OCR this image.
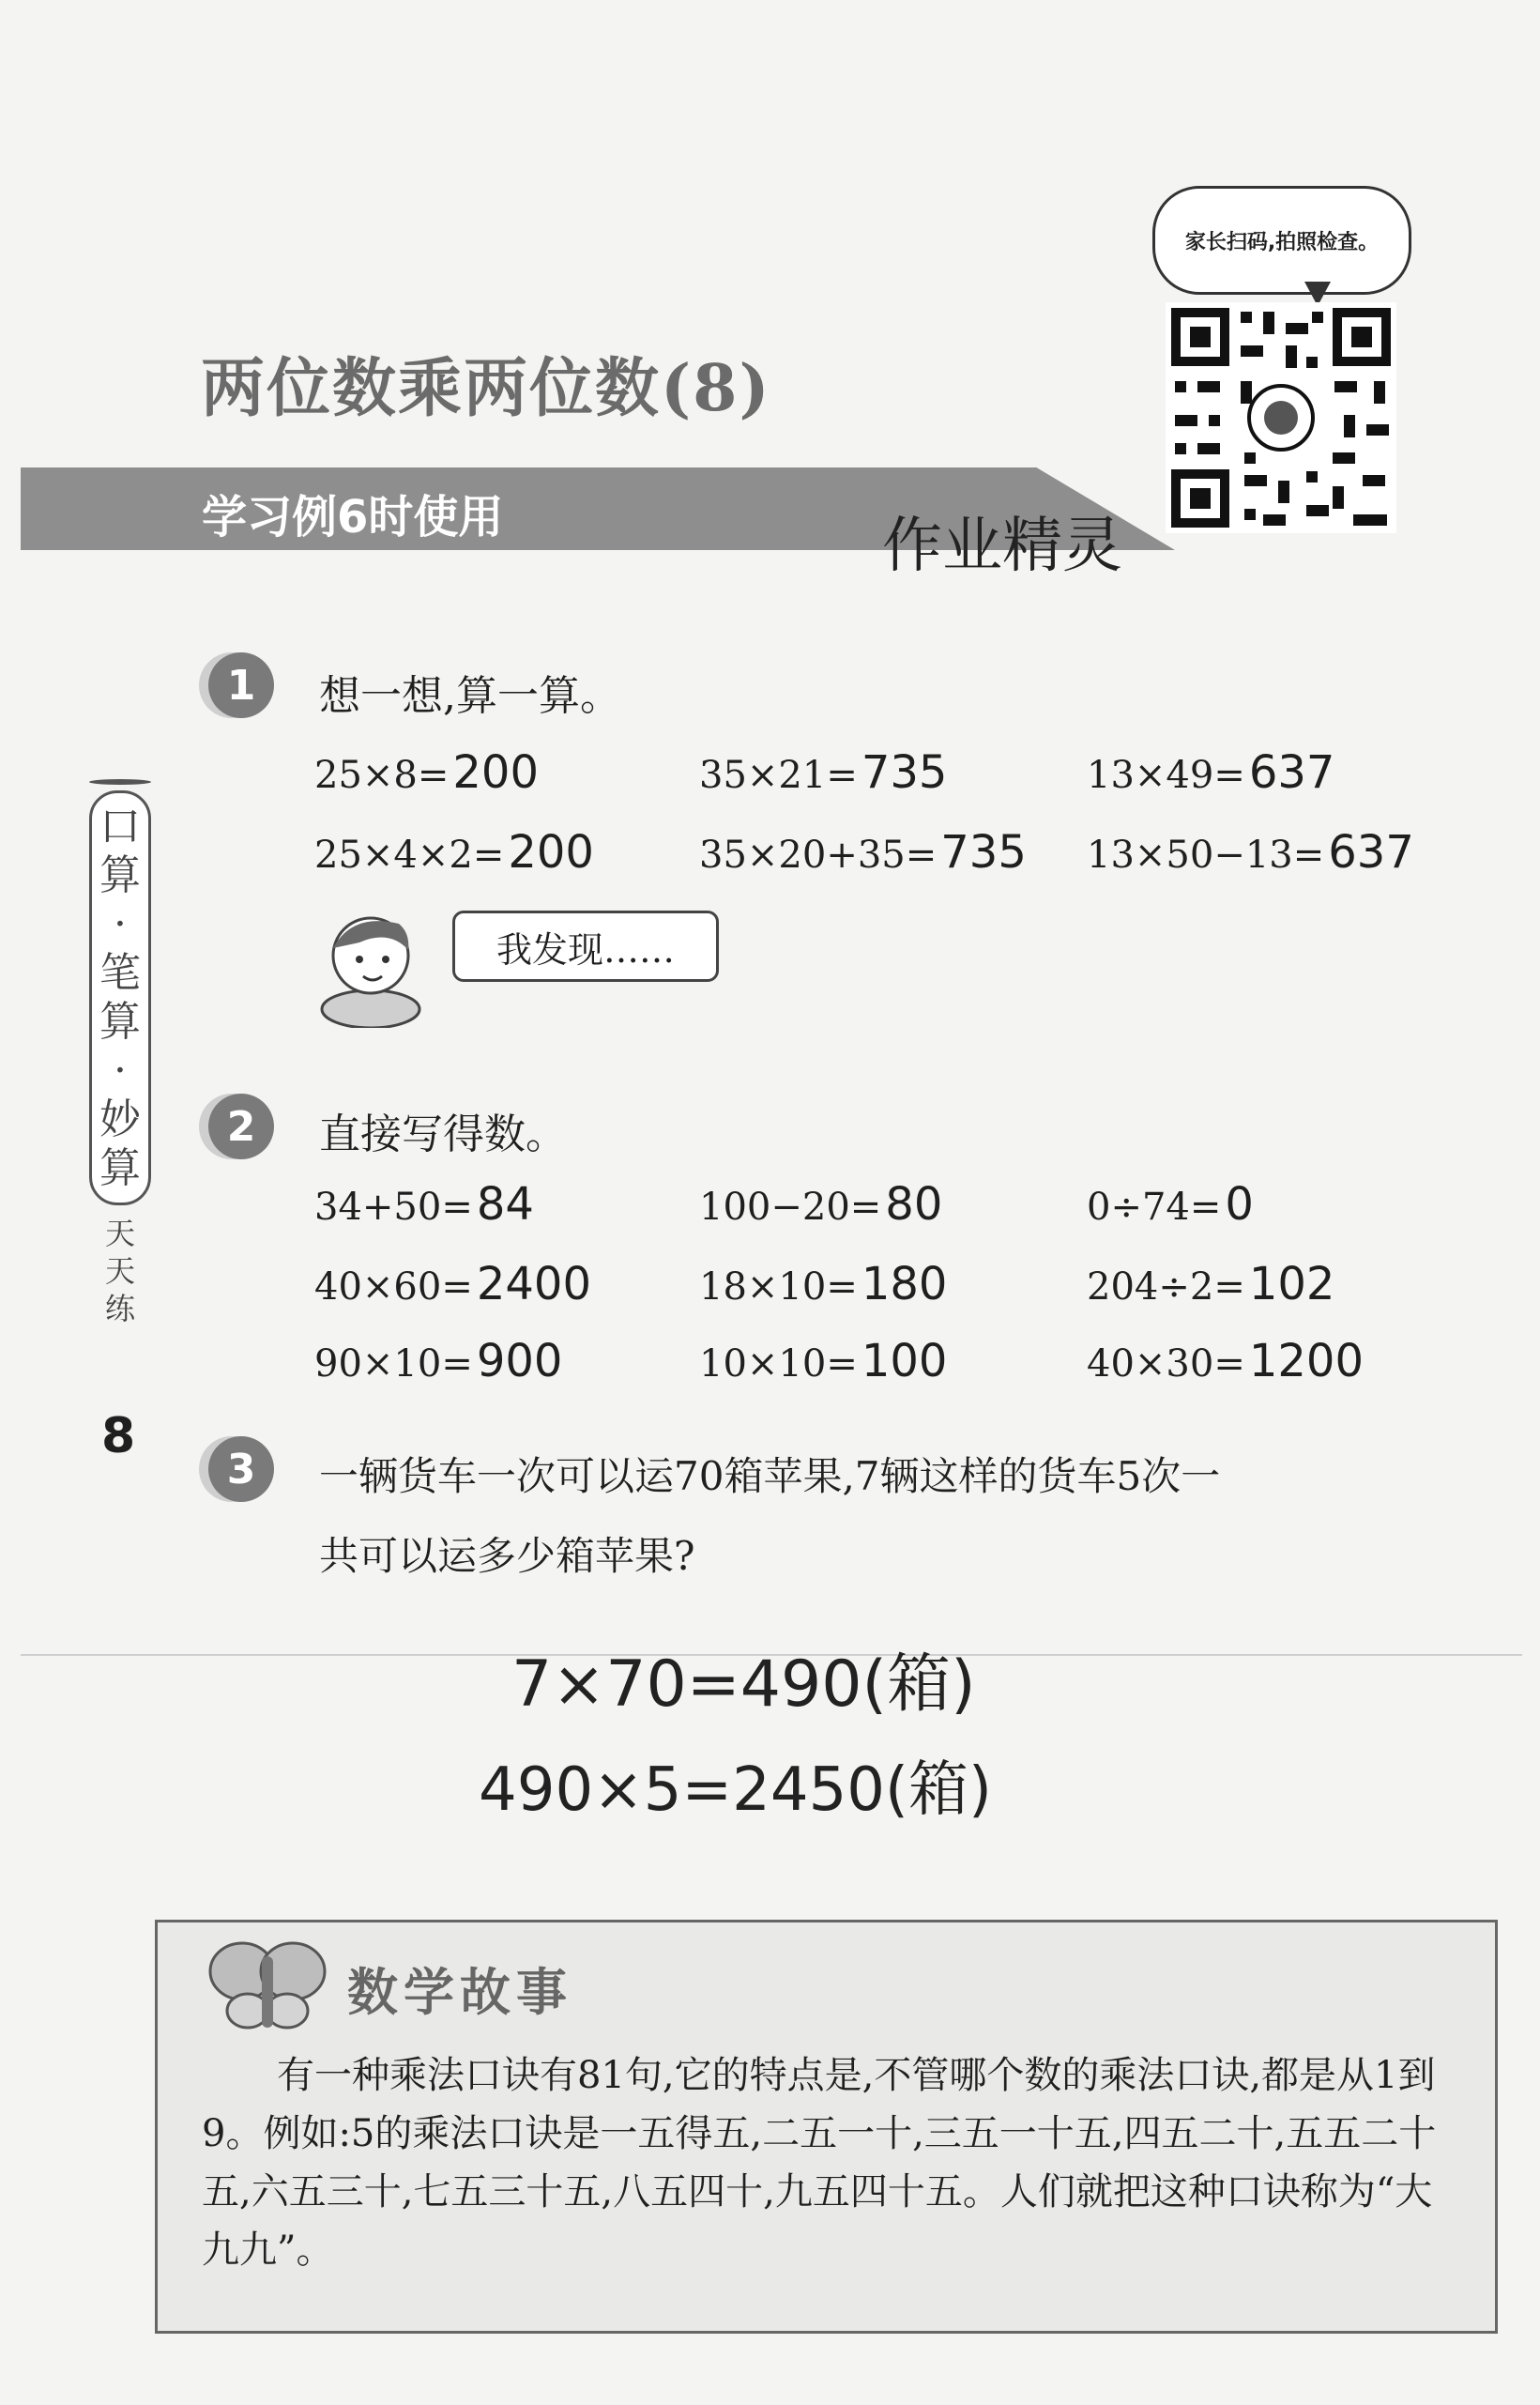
两位数乘两位数(8)
学习例6时使用	作业精灵
家长扫码,拍照检查。
口
算
·
笔
算
·
妙
算
天
天
练
8
1	想一想,算一算。
25×8=200	35×21=735	13×49=637
25×4×2=200	35×20+35=735 13×50−13=637
我发现……
2	直接写得数。
34+50=84	100−20=80	0÷74=0
40×60=2400	18×10=180	204÷2=102
90×10=900	10×10=100	40×30=1200
3	一辆货车一次可以运70箱苹果,7辆这样的货车5次一
共可以运多少箱苹果?
7×70=490(箱)
490×5=2450(箱)
数学故事
有一种乘法口诀有81句,它的特点是,不管哪个数的乘法口诀,都是从1到9。例如:5的乘法口诀是一五得五,二五一十,三五一十五,四五二十,五五二十五,六五三十,七五三十五,八五四十,九五四十五。人们就把这种口诀称为“大九九”。
